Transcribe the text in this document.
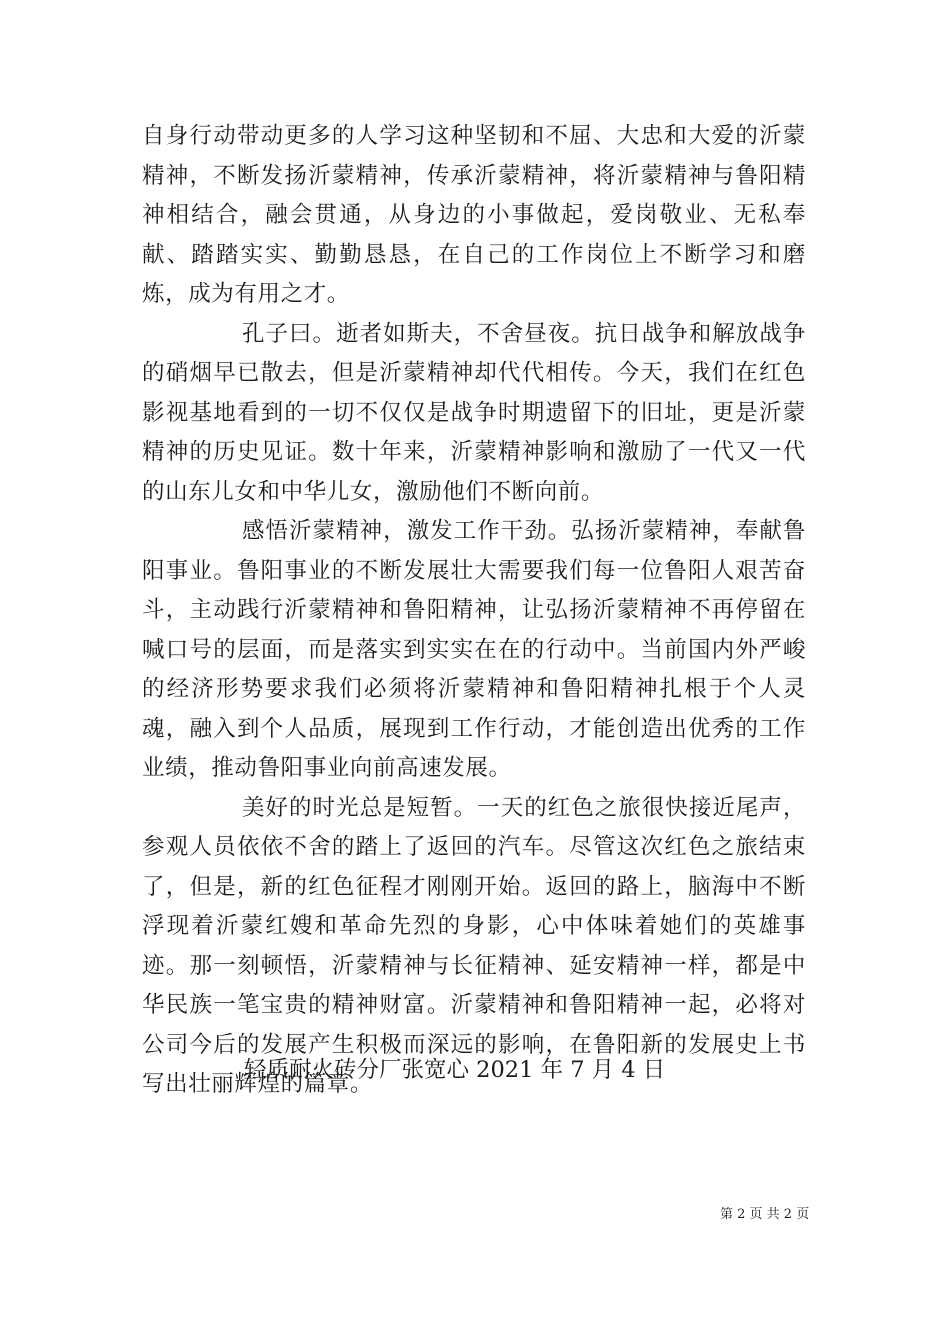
自身行动带动更多的人学习这种坚韧和不屈、大忠和大爱的沂蒙精神，不断发扬沂蒙精神，传承沂蒙精神，将沂蒙精神与鲁阳精神相结合，融会贯通，从身边的小事做起，爱岗敬业、无私奉献、踏踏实实、勤勤恳恳，在自己的工作岗位上不断学习和磨炼，成为有用之才。

孔子曰。逝者如斯夫，不舍昼夜。抗日战争和解放战争的硝烟早已散去，但是沂蒙精神却代代相传。今天，我们在红色影视基地看到的一切不仅仅是战争时期遗留下的旧址，更是沂蒙精神的历史见证。数十年来，沂蒙精神影响和激励了一代又一代的山东儿女和中华儿女，激励他们不断向前。

感悟沂蒙精神，激发工作干劲。弘扬沂蒙精神，奉献鲁阳事业。鲁阳事业的不断发展壮大需要我们每一位鲁阳人艰苦奋斗，主动践行沂蒙精神和鲁阳精神，让弘扬沂蒙精神不再停留在喊口号的层面，而是落实到实实在在的行动中。当前国内外严峻的经济形势要求我们必须将沂蒙精神和鲁阳精神扎根于个人灵魂，融入到个人品质，展现到工作行动，才能创造出优秀的工作业绩，推动鲁阳事业向前高速发展。

美好的时光总是短暂。一天的红色之旅很快接近尾声，参观人员依依不舍的踏上了返回的汽车。尽管这次红色之旅结束了，但是，新的红色征程才刚刚开始。返回的路上，脑海中不断浮现着沂蒙红嫂和革命先烈的身影，心中体味着她们的英雄事迹。那一刻顿悟，沂蒙精神与长征精神、延安精神一样，都是中华民族一笔宝贵的精神财富。沂蒙精神和鲁阳精神一起，必将对公司今后的发展产生积极而深远的影响，在鲁阳新的发展史上书写出壮丽辉煌的篇章。

轻质耐火砖分厂张宽心 2021 年 7 月 4 日
第 2 页 共 2 页
